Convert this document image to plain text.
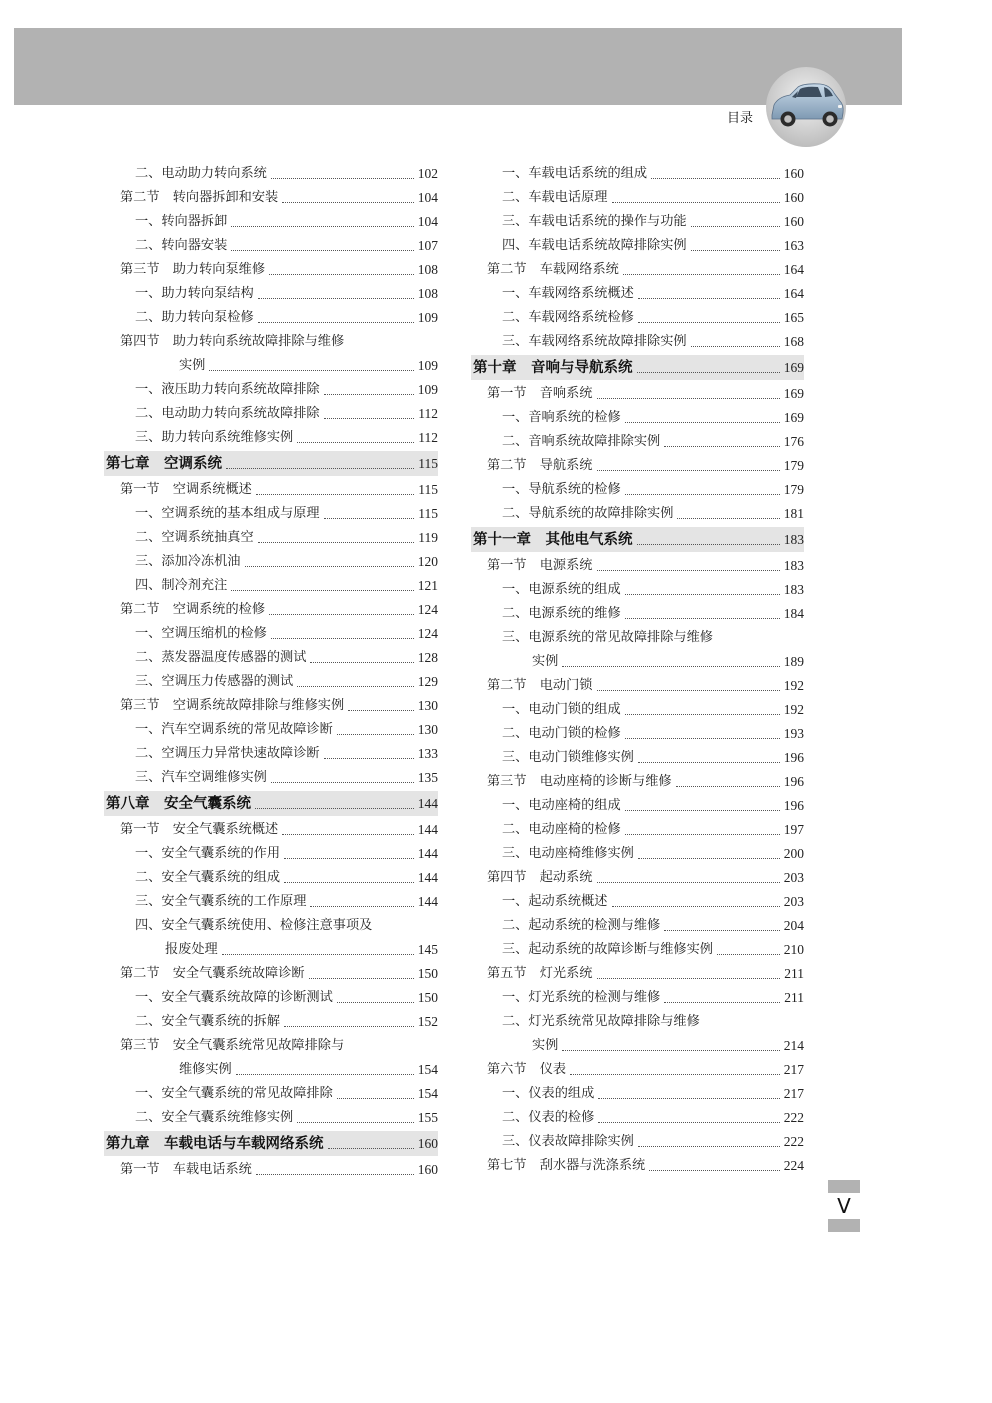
目录
二、电动助力转向系统	102
第二节　转向器拆卸和安装	104
一、转向器拆卸	104
二、转向器安装	107
第三节　助力转向泵维修	108
一、助力转向泵结构	108
二、助力转向泵检修	109
第四节　助力转向系统故障排除与维修
实例	109
一、液压助力转向系统故障排除	109
二、电动助力转向系统故障排除	112
三、助力转向系统维修实例	112
第七章　空调系统	115
第一节　空调系统概述	115
一、空调系统的基本组成与原理	115
二、空调系统抽真空	119
三、添加冷冻机油	120
四、制冷剂充注	121
第二节　空调系统的检修	124
一、空调压缩机的检修	124
二、蒸发器温度传感器的测试	128
三、空调压力传感器的测试	129
第三节　空调系统故障排除与维修实例	130
一、汽车空调系统的常见故障诊断	130
二、空调压力异常快速故障诊断	133
三、汽车空调维修实例	135
第八章　安全气囊系统	144
第一节　安全气囊系统概述	144
一、安全气囊系统的作用	144
二、安全气囊系统的组成	144
三、安全气囊系统的工作原理	144
四、安全气囊系统使用、检修注意事项及
报废处理	145
第二节　安全气囊系统故障诊断	150
一、安全气囊系统故障的诊断测试	150
二、安全气囊系统的拆解	152
第三节　安全气囊系统常见故障排除与
维修实例	154
一、安全气囊系统的常见故障排除	154
二、安全气囊系统维修实例	155
第九章　车载电话与车载网络系统	160
第一节　车载电话系统	160
一、车载电话系统的组成	160
二、车载电话原理	160
三、车载电话系统的操作与功能	160
四、车载电话系统故障排除实例	163
第二节　车载网络系统	164
一、车载网络系统概述	164
二、车载网络系统检修	165
三、车载网络系统故障排除实例	168
第十章　音响与导航系统	169
第一节　音响系统	169
一、音响系统的检修	169
二、音响系统故障排除实例	176
第二节　导航系统	179
一、导航系统的检修	179
二、导航系统的故障排除实例	181
第十一章　其他电气系统	183
第一节　电源系统	183
一、电源系统的组成	183
二、电源系统的维修	184
三、电源系统的常见故障排除与维修
实例	189
第二节　电动门锁	192
一、电动门锁的组成	192
二、电动门锁的检修	193
三、电动门锁维修实例	196
第三节　电动座椅的诊断与维修	196
一、电动座椅的组成	196
二、电动座椅的检修	197
三、电动座椅维修实例	200
第四节　起动系统	203
一、起动系统概述	203
二、起动系统的检测与维修	204
三、起动系统的故障诊断与维修实例	210
第五节　灯光系统	211
一、灯光系统的检测与维修	211
二、灯光系统常见故障排除与维修
实例	214
第六节　仪表	217
一、仪表的组成	217
二、仪表的检修	222
三、仪表故障排除实例	222
第七节　刮水器与洗涤系统	224
V
